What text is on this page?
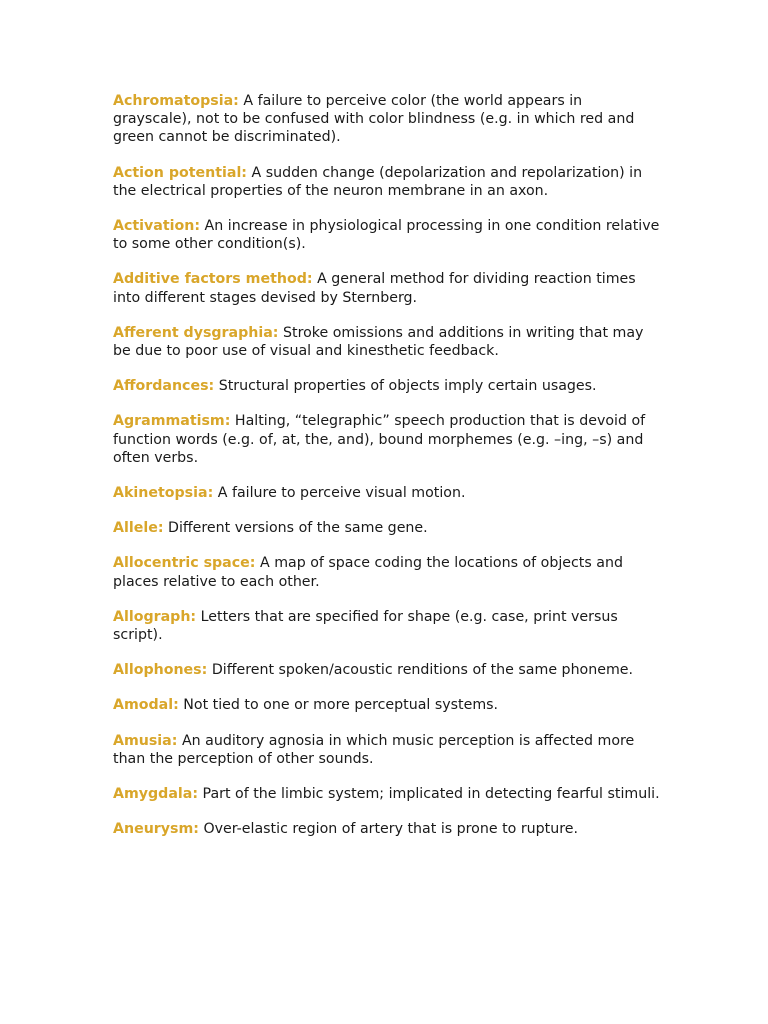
Achromatopsia: A failure to perceive color (the world appears in grayscale), not to be confused with color blindness (e.g. in which red and green cannot be discriminated).

Action potential: A sudden change (depolarization and repolarization) in the electrical properties of the neuron membrane in an axon.

Activation: An increase in physiological processing in one condition relative to some other condition(s).

Additive factors method: A general method for dividing reaction times into different stages devised by Sternberg.

Afferent dysgraphia: Stroke omissions and additions in writing that may be due to poor use of visual and kinesthetic feedback.

Affordances: Structural properties of objects imply certain usages.

Agrammatism: Halting, “telegraphic” speech production that is devoid of function words (e.g. of, at, the, and), bound morphemes (e.g. –ing, –s) and often verbs.

Akinetopsia: A failure to perceive visual motion.

Allele: Different versions of the same gene.

Allocentric space: A map of space coding the locations of objects and places relative to each other.

Allograph: Letters that are specified for shape (e.g. case, print versus script).

Allophones: Different spoken/acoustic renditions of the same phoneme.

Amodal: Not tied to one or more perceptual systems.

Amusia: An auditory agnosia in which music perception is affected more than the perception of other sounds.

Amygdala: Part of the limbic system; implicated in detecting fearful stimuli.

Aneurysm: Over-elastic region of artery that is prone to rupture.
